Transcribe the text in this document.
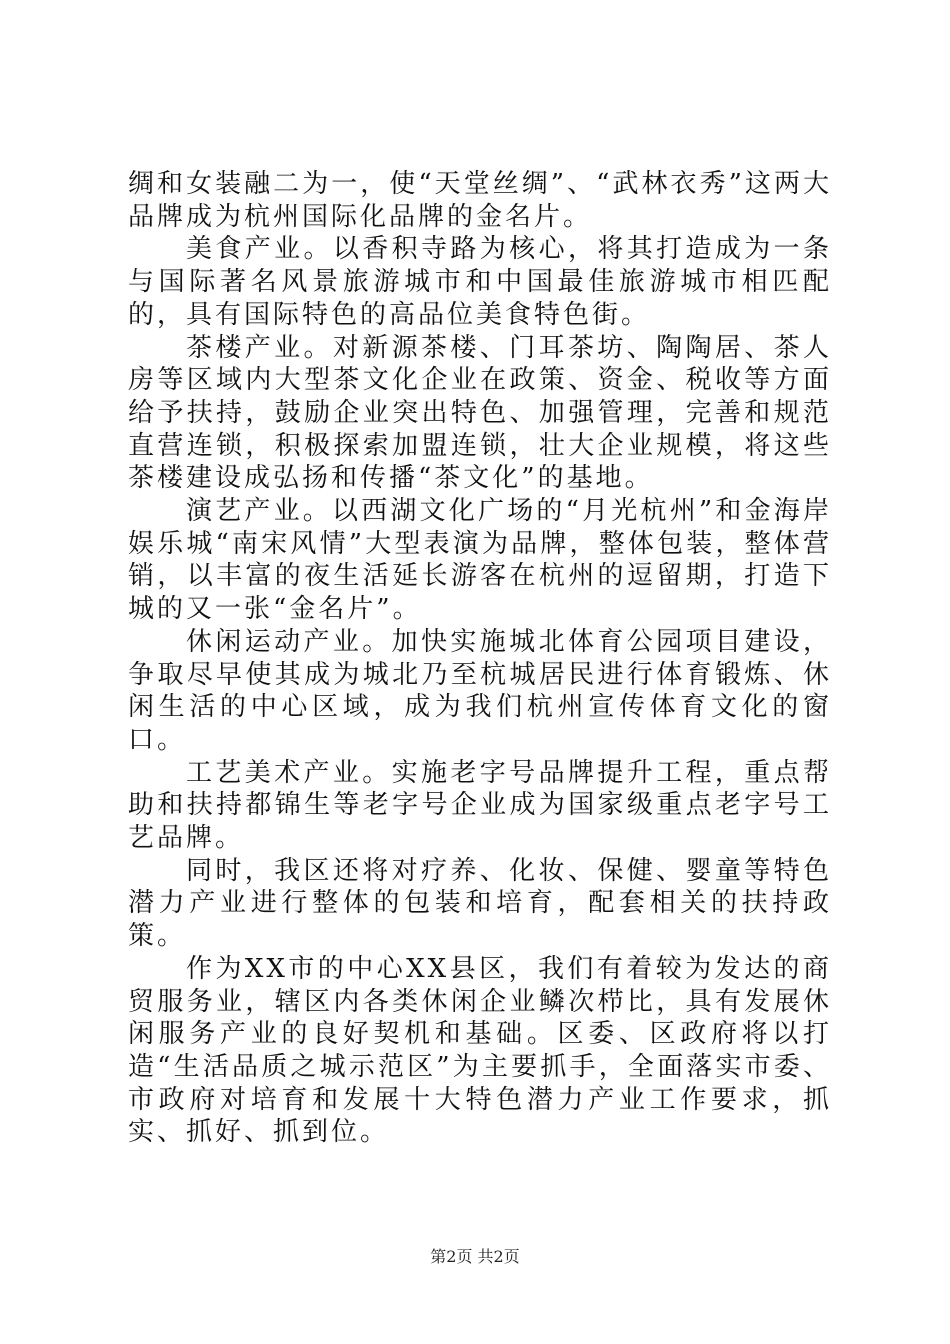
绸和女装融二为一，使“天堂丝绸”、“武林衣秀”这两大品牌成为杭州国际化品牌的金名片。

美食产业。以香积寺路为核心，将其打造成为一条与国际著名风景旅游城市和中国最佳旅游城市相匹配的，具有国际特色的高品位美食特色街。

茶楼产业。对新源茶楼、门耳茶坊、陶陶居、茶人房等区域内大型茶文化企业在政策、资金、税收等方面给予扶持，鼓励企业突出特色、加强管理，完善和规范直营连锁，积极探索加盟连锁，壮大企业规模，将这些茶楼建设成弘扬和传播“茶文化”的基地。

演艺产业。以西湖文化广场的“月光杭州”和金海岸娱乐城“南宋风情”大型表演为品牌，整体包装，整体营销，以丰富的夜生活延长游客在杭州的逗留期，打造下城的又一张“金名片”。

休闲运动产业。加快实施城北体育公园项目建设，争取尽早使其成为城北乃至杭城居民进行体育锻炼、休闲生活的中心区域，成为我们杭州宣传体育文化的窗口。

工艺美术产业。实施老字号品牌提升工程，重点帮助和扶持都锦生等老字号企业成为国家级重点老字号工艺品牌。

同时，我区还将对疗养、化妆、保健、婴童等特色潜力产业进行整体的包装和培育，配套相关的扶持政策。

作为XX市的中心XX县区，我们有着较为发达的商贸服务业，辖区内各类休闲企业鳞次栉比，具有发展休闲服务产业的良好契机和基础。区委、区政府将以打造“生活品质之城示范区”为主要抓手，全面落实市委、市政府对培育和发展十大特色潜力产业工作要求，抓实、抓好、抓到位。

第2页 共2页
